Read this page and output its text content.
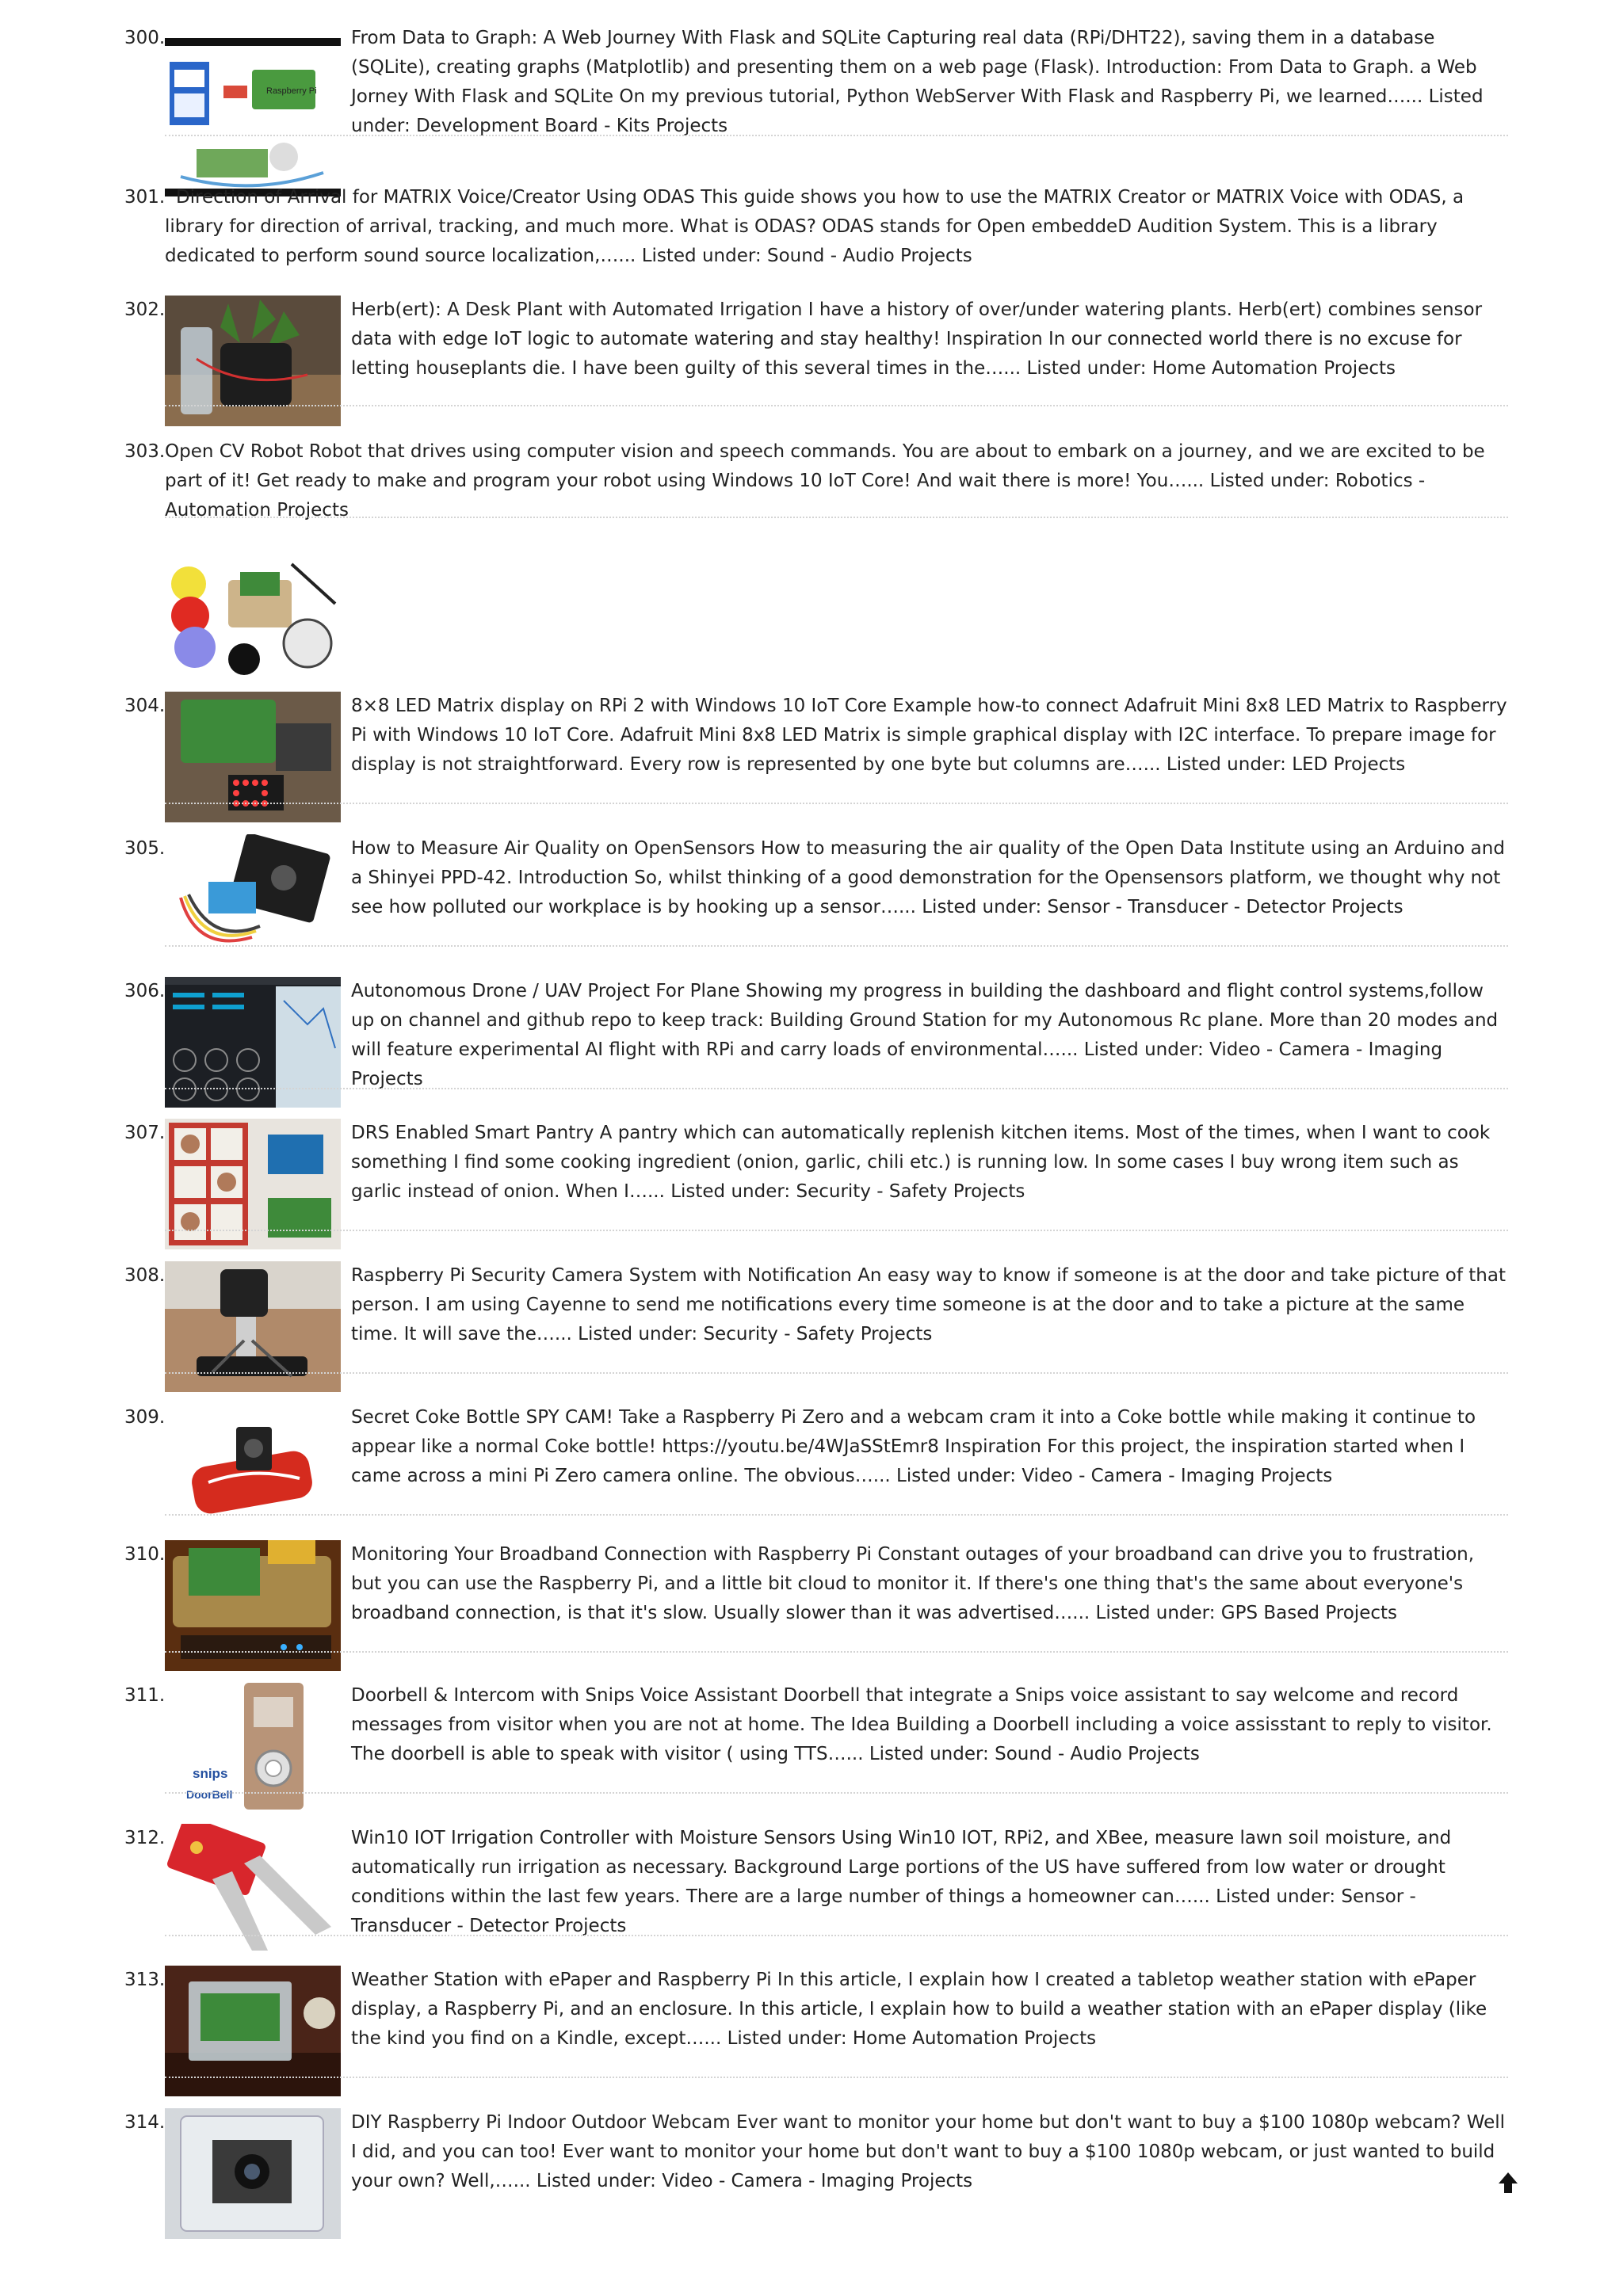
300.
Raspberry Pi

From Data to Graph: A Web Journey With Flask and SQLite Capturing real data (RPi/DHT22), saving them in a database (SQLite), creating graphs (Matplotlib) and presenting them on a web page (Flask). Introduction: From Data to Graph. a Web Jorney With Flask and SQLite On my previous tutorial, Python WebServer With Flask and Raspberry Pi, we learned…... Listed under: Development Board - Kits Projects

301. Direction of Arrival for MATRIX Voice/Creator Using ODAS This guide shows you how to use the MATRIX Creator or MATRIX Voice with ODAS, a library for direction of arrival, tracking, and much more. What is ODAS? ODAS stands for Open embeddeD Audition System. This is a library dedicated to perform sound source localization,…... Listed under: Sound - Audio Projects

302.	Herb(ert): A Desk Plant with Automated Irrigation I have a history of over/under watering plants. Herb(ert) combines sensor data with edge IoT logic to automate watering and stay healthy! Inspiration In our connected world there is no excuse for letting houseplants die. I have been guilty of this several times in the…... Listed under: Home Automation Projects

303. Open CV Robot Robot that drives using computer vision and speech commands. You are about to embark on a journey, and we are excited to be part of it! Get ready to make and program your robot using Windows 10 IoT Core! And wait there is more! You…... Listed under: Robotics - Automation Projects

304.	8×8 LED Matrix display on RPi 2 with Windows 10 IoT Core Example how-to connect Adafruit Mini 8x8 LED Matrix to Raspberry Pi with Windows 10 IoT Core. Adafruit Mini 8x8 LED Matrix is simple graphical display with I2C interface. To prepare image for display is not straightforward. Every row is represented by one byte but columns are…... Listed under: LED Projects

305.	How to Measure Air Quality on OpenSensors How to measuring the air quality of the Open Data Institute using an Arduino and a Shinyei PPD-42. Introduction So, whilst thinking of a good demonstration for the Opensensors platform, we thought why not see how polluted our workplace is by hooking up a sensor…... Listed under: Sensor - Transducer - Detector Projects

306.	Autonomous Drone / UAV Project For Plane Showing my progress in building the dashboard and flight control systems,follow up on channel and github repo to keep track: Building Ground Station for my Autonomous Rc plane. More than 20 modes and will feature experimental AI flight with RPi and carry loads of environmental…... Listed under: Video - Camera - Imaging Projects

307.	DRS Enabled Smart Pantry A pantry which can automatically replenish kitchen items. Most of the times, when I want to cook something I find some cooking ingredient (onion, garlic, chili etc.) is running low. In some cases I buy wrong item such as garlic instead of onion. When I…... Listed under: Security - Safety Projects

308.	Raspberry Pi Security Camera System with Notification An easy way to know if someone is at the door and take picture of that person. I am using Cayenne to send me notifications every time someone is at the door and to take a picture at the same time. It will save the…... Listed under: Security - Safety Projects

309.	Secret Coke Bottle SPY CAM! Take a Raspberry Pi Zero and a webcam cram it into a Coke bottle while making it continue to appear like a normal Coke bottle! https://youtu.be/4WJaSStEmr8 Inspiration For this project, the inspiration started when I came across a mini Pi Zero camera online. The obvious…... Listed under: Video - Camera - Imaging Projects

310.	Monitoring Your Broadband Connection with Raspberry Pi Constant outages of your broadband can drive you to frustration, but you can use the Raspberry Pi, and a little bit cloud to monitor it. If there's one thing that's the same about everyone's broadband connection, is that it's slow. Usually slower than it was advertised…... Listed under: GPS Based Projects

311.
snips
DoorBell

Doorbell & Intercom with Snips Voice Assistant Doorbell that integrate a Snips voice assistant to say welcome and record messages from visitor when you are not at home. The Idea Building a Doorbell including a voice assisstant to reply to visitor. The doorbell is able to speak with visitor ( using TTS…... Listed under: Sound - Audio Projects

312.	Win10 IOT Irrigation Controller with Moisture Sensors Using Win10 IOT, RPi2, and XBee, measure lawn soil moisture, and automatically run irrigation as necessary. Background Large portions of the US have suffered from low water or drought conditions within the last few years. There are a large number of things a homeowner can…... Listed under: Sensor - Transducer - Detector Projects

313.	Weather Station with ePaper and Raspberry Pi In this article, I explain how I created a tabletop weather station with ePaper display, a Raspberry Pi, and an enclosure. In this article, I explain how to build a weather station with an ePaper display (like the kind you find on a Kindle, except…... Listed under: Home Automation Projects

314.	DIY Raspberry Pi Indoor Outdoor Webcam Ever want to monitor your home but don't want to buy a $100 1080p webcam? Well I did, and you can too! Ever want to monitor your home but don't want to buy a $100 1080p webcam, or just wanted to build your own? Well,…... Listed under: Video - Camera - Imaging Projects
